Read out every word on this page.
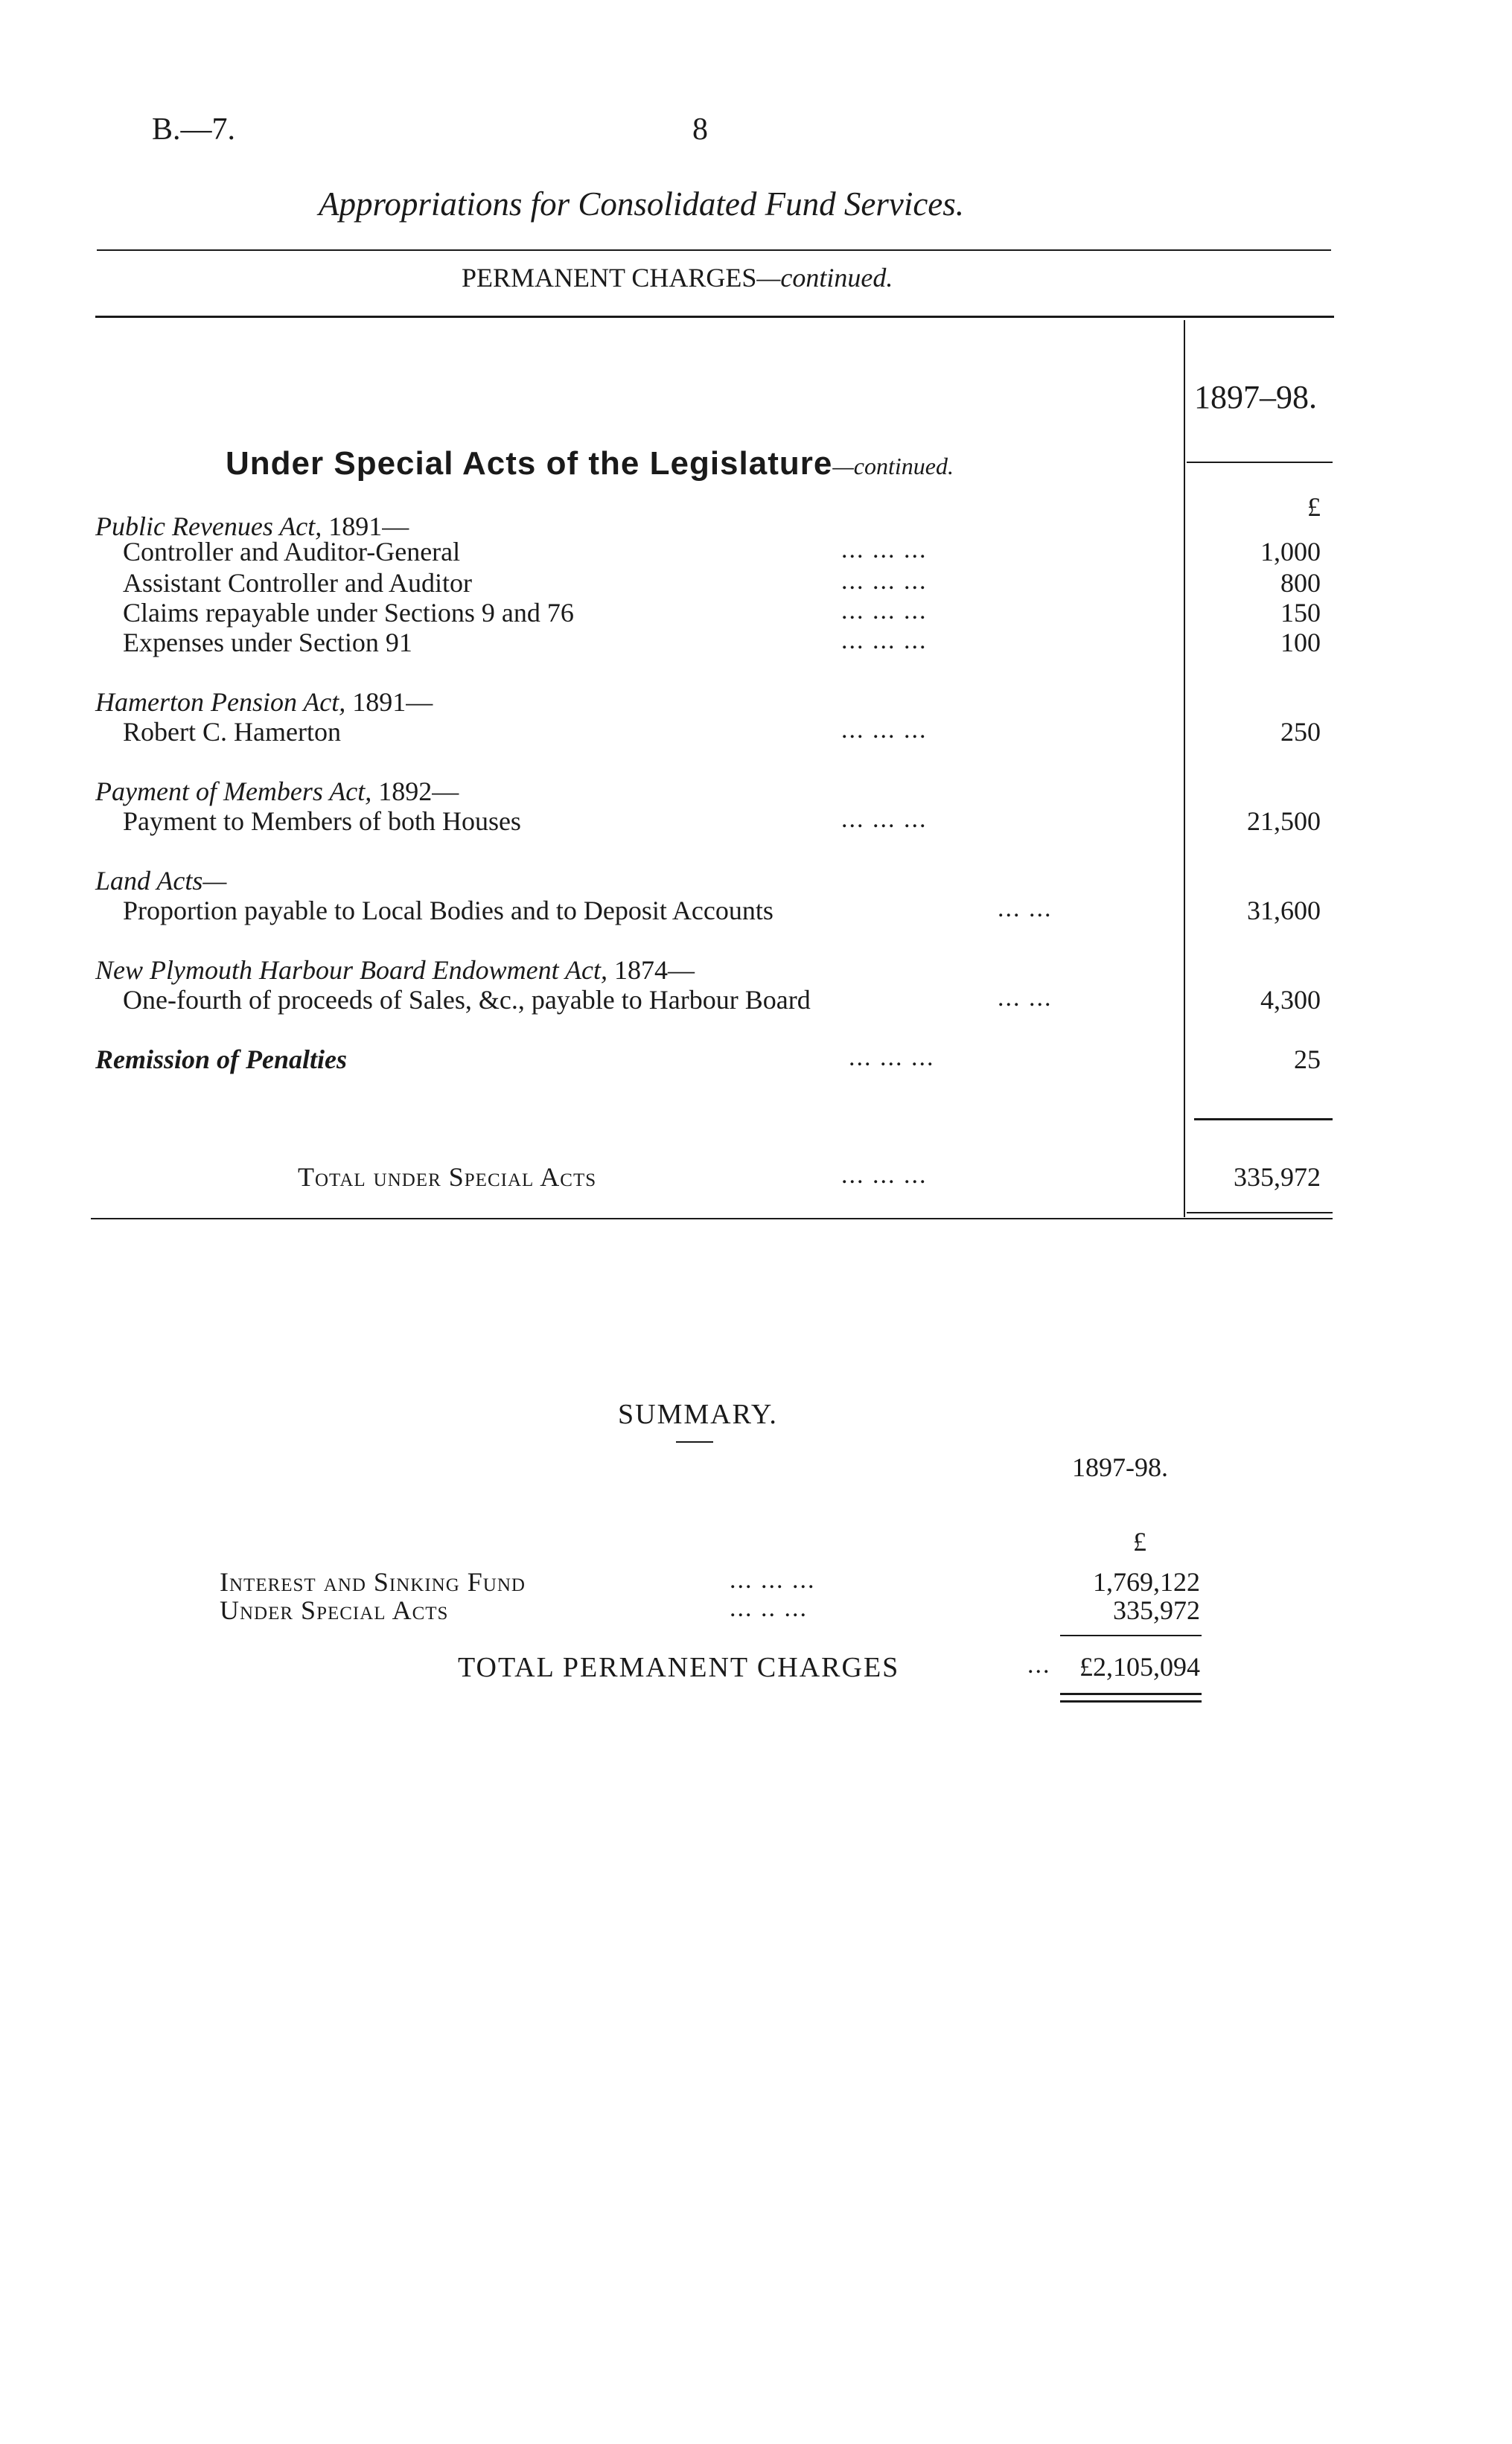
B.—7.	8
Appropriations for Consolidated Fund Services.
PERMANENT CHARGES—continued.
1897–98.
Under Special Acts of the Legislature—continued.
£
Public Revenues Act, 1891—
Controller and Auditor-General	... ... ...	1,000
Assistant Controller and Auditor	... ... ...	800
Claims repayable under Sections 9 and 76	... ... ...	150
Expenses under Section 91	... ... ...	100
Hamerton Pension Act, 1891—
Robert C. Hamerton	... ... ...	250
Payment of Members Act, 1892—
Payment to Members of both Houses	... ... ...	21,500
Land Acts—
Proportion payable to Local Bodies and to Deposit Accounts	... ...	31,600
New Plymouth Harbour Board Endowment Act, 1874—
One-fourth of proceeds of Sales, &c., payable to Harbour Board	... ...	4,300
Remission of Penalties	... ... ...	25
Total under Special Acts	... ... ...	335,972
SUMMARY.
1897-98.
£
Interest and Sinking Fund	... ... ...	1,769,122
Under Special Acts	... .. ...	335,972
TOTAL PERMANENT CHARGES	...	£2,105,094
